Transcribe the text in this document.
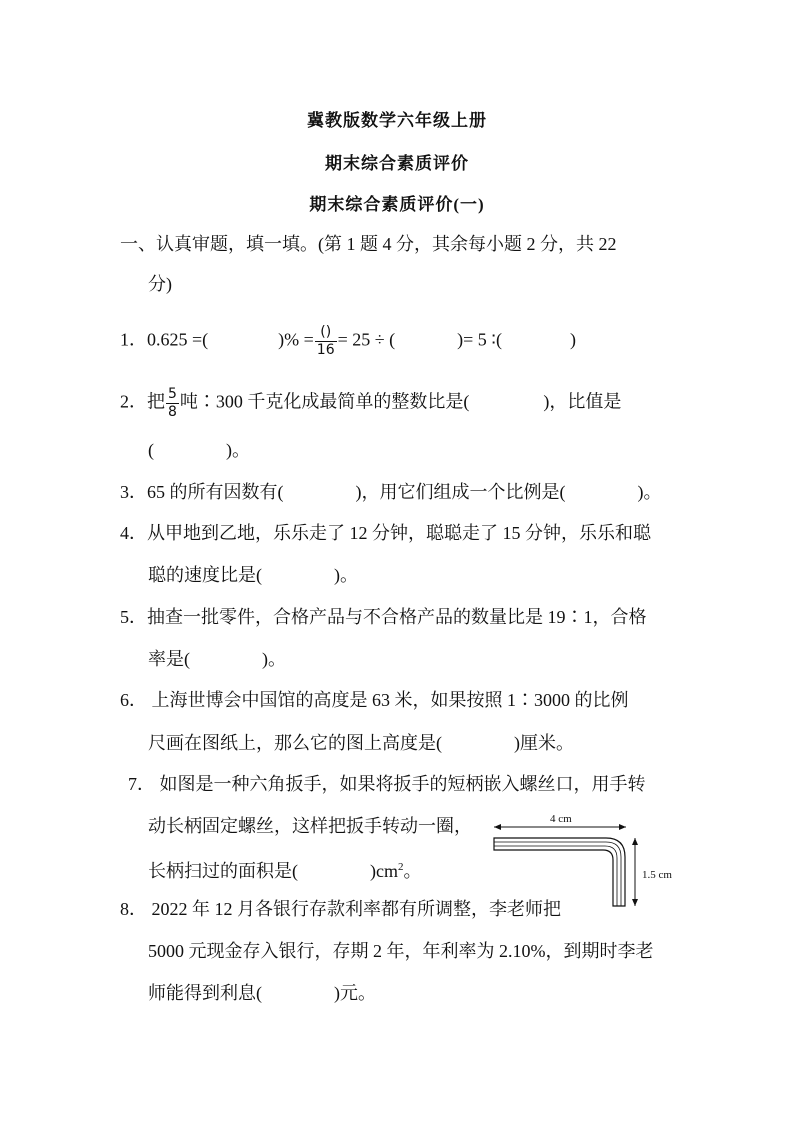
冀教版数学六年级上册
期末综合素质评价
期末综合素质评价(一)
一、认真审题，填一填。(第 1 题 4 分，其余每小题 2 分，共 22
分)
1．0.625 =(	)% = $\frac{()}{16} = 25$ ÷ (	)= 5 ∶(	)
2．把 $\frac{5}{8}$ 吨∶300 千克化成最简单的整数比是(	)，比值是
(　　　　)。
3．65 的所有因数有(　　　　)，用它们组成一个比例是(　　　　)。
4．从甲地到乙地，乐乐走了 12 分钟，聪聪走了 15 分钟，乐乐和聪
聪的速度比是(　　　　)。
5．抽查一批零件，合格产品与不合格产品的数量比是 19∶1，合格
率是(　　　　)。
6． 上海世博会中国馆的高度是 63 米，如果按照 1∶3000 的比例
尺画在图纸上，那么它的图上高度是(　　　　)厘米。
7． 如图是一种六角扳手，如果将扳手的短柄嵌入螺丝口，用手转
动长柄固定螺丝，这样把扳手转动一圈，
长柄扫过的面积是(　　　　)$cm^2$。
4 cm
1.5 cm
8． 2022 年 12 月各银行存款利率都有所调整，李老师把
5000 元现金存入银行，存期 2 年，年利率为 2.10%，到期时李老
师能得到利息(　　　　)元。
